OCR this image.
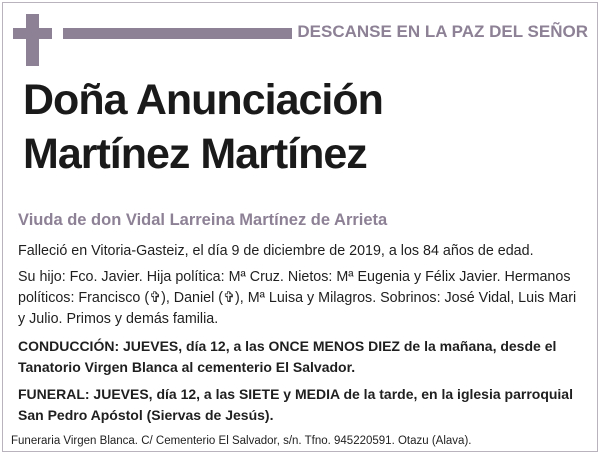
DESCANSE EN LA PAZ DEL SEÑOR
Doña Anunciación
Martínez Martínez
Viuda de don Vidal Larreina Martínez de Arrieta
Falleció en Vitoria-Gasteiz, el día 9 de diciembre de 2019, a los 84 años de edad.
Su hijo: Fco. Javier. Hija política: Mª Cruz. Nietos: Mª Eugenia y Félix Javier. Hermanos políticos: Francisco (✞), Daniel (✞), Mª Luisa y Milagros. Sobrinos: José Vidal, Luis Mari y Julio. Primos y demás familia.
CONDUCCIÓN: JUEVES, día 12, a las ONCE MENOS DIEZ de la mañana, desde el Tanatorio Virgen Blanca al cementerio El Salvador.
FUNERAL: JUEVES, día 12, a las SIETE y MEDIA de la tarde, en la iglesia parroquial San Pedro Apóstol (Siervas de Jesús).
Funeraria Virgen Blanca. C/ Cementerio El Salvador, s/n. Tfno. 945220591. Otazu (Alava).
